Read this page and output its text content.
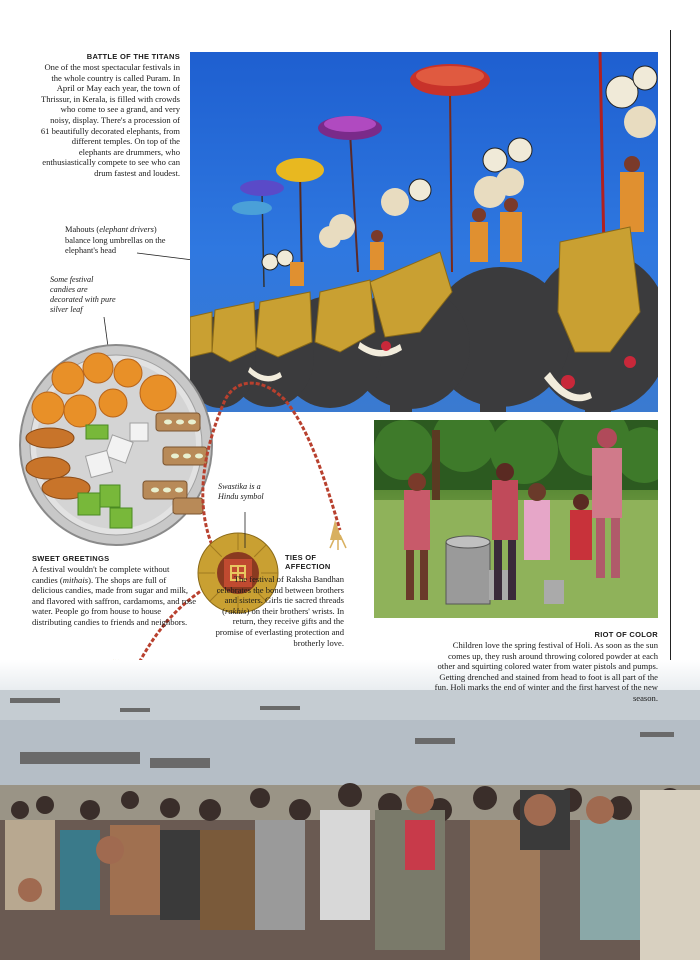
BATTLE OF THE TITANS

One of the most spectacular festivals in the whole country is called Puram. In April or May each year, the town of Thrissur, in Kerala, is filled with crowds who come to see a grand, and very noisy, display. There's a procession of 61 beautifully decorated elephants, from different temples. On top of the elephants are drummers, who enthusiastically compete to see who can drum fastest and loudest.

Mahouts (elephant drivers) balance long umbrellas on the elephant's head

Some festival candies are decorated with pure silver leaf

Swastika is a Hindu symbol

SWEET GREETINGS

A festival wouldn't be complete without candies (mithais). The shops are full of delicious candies, made from sugar and milk, and flavored with saffron, cardamoms, and rose water. People go from house to house distributing candies to friends and neighbors.

TIES OF

AFFECTION

The festival of Raksha Bandhan celebrates the bond between brothers and sisters. Girls tie sacred threads (rakhis) on their brothers' wrists. In return, they receive gifts and the promise of everlasting protection and brotherly love.

RIOT OF COLOR

Children love the spring festival of Holi. As soon as the sun comes up, they rush around throwing colored powder at each other and squirting colored water from water pistols and pumps. Getting drenched and stained from head to foot is all part of the fun. Holi marks the end of winter and the first harvest of the new season.
